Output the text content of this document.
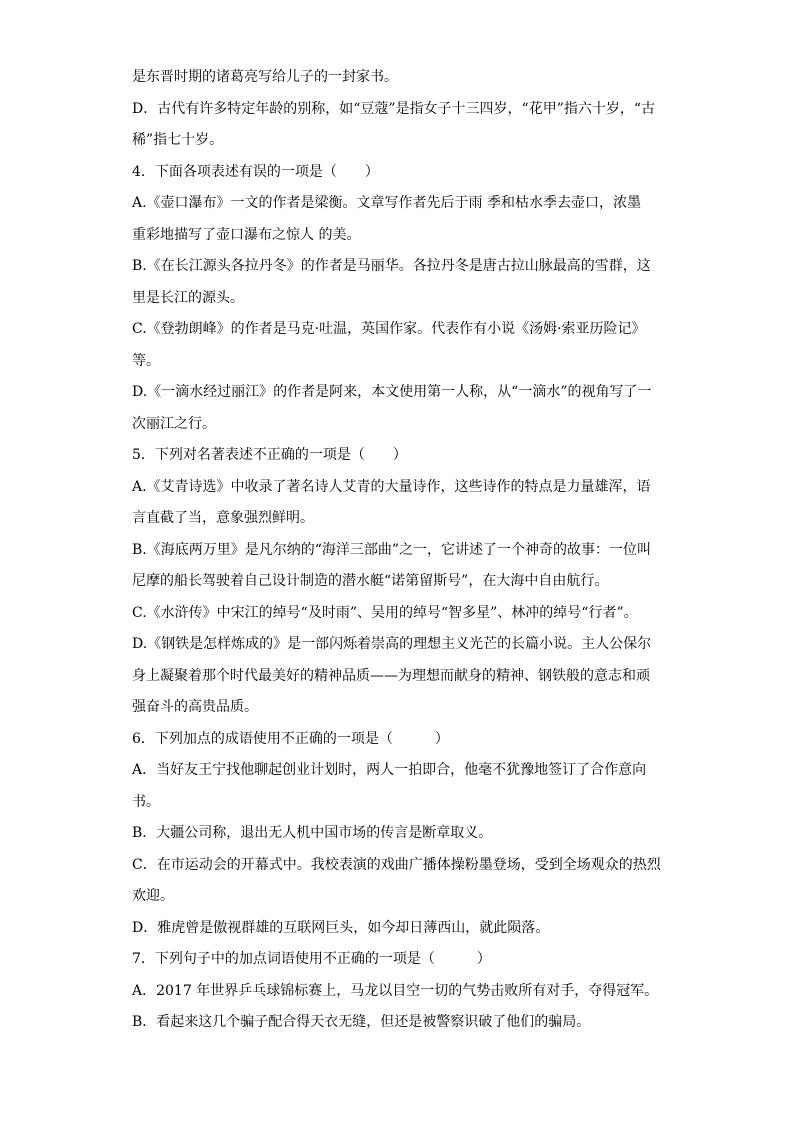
是东晋时期的诸葛亮写给儿子的一封家书。
D．古代有许多特定年龄的别称，如“豆蔻”是指女子十三四岁，“花甲”指六十岁，“古
稀”指七十岁。
4．下面各项表述有误的一项是（　　）
A.《壶口瀑布》一文的作者是梁衡。文章写作者先后于雨 季和枯水季去壶口，浓墨
重彩地描写了壶口瀑布之惊人 的美。
B.《在长江源头各拉丹冬》的作者是马丽华。各拉丹冬是唐古拉山脉最高的雪群，这
里是长江的源头。
C.《登勃朗峰》的作者是马克·吐温，英国作家。代表作有小说《汤姆·索亚历险记》
等。
D.《一滴水经过丽江》的作者是阿来，本文使用第一人称，从“一滴水”的视角写了一
次丽江之行。
5．下列对名著表述不正确的一项是（　　）
A.《艾青诗选》中收录了著名诗人艾青的大量诗作，这些诗作的特点是力量雄浑，语
言直截了当，意象强烈鲜明。
B.《海底两万里》是凡尔纳的“海洋三部曲”之一，它讲述了一个神奇的故事：一位叫
尼摩的船长驾驶着自己设计制造的潜水艇“诺第留斯号”，在大海中自由航行。
C.《水浒传》中宋江的绰号“及时雨”、吴用的绰号“智多星”、林冲的绰号“行者”。
D.《钢铁是怎样炼成的》是一部闪烁着崇高的理想主义光芒的长篇小说。主人公保尔
身上凝聚着那个时代最美好的精神品质——为理想而献身的精神、钢铁般的意志和顽
强奋斗的高贵品质。
6．下列加点的成语使用不正确的一项是（　　　）
A．当好友王宁找他聊起创业计划时，两人一拍即合，他毫不犹豫地签订了合作意向
书。
B．大疆公司称，退出无人机中国市场的传言是断章取义。
C．在市运动会的开幕式中。我校表演的戏曲广播体操粉墨登场，受到全场观众的热烈
欢迎。
D．雅虎曾是傲视群雄的互联网巨头，如今却日薄西山，就此陨落。
7．下列句子中的加点词语使用不正确的一项是（　　　）
A．2017 年世界乒乓球锦标赛上，马龙以目空一切的气势击败所有对手，夺得冠军。
B．看起来这几个骗子配合得天衣无缝，但还是被警察识破了他们的骗局。
